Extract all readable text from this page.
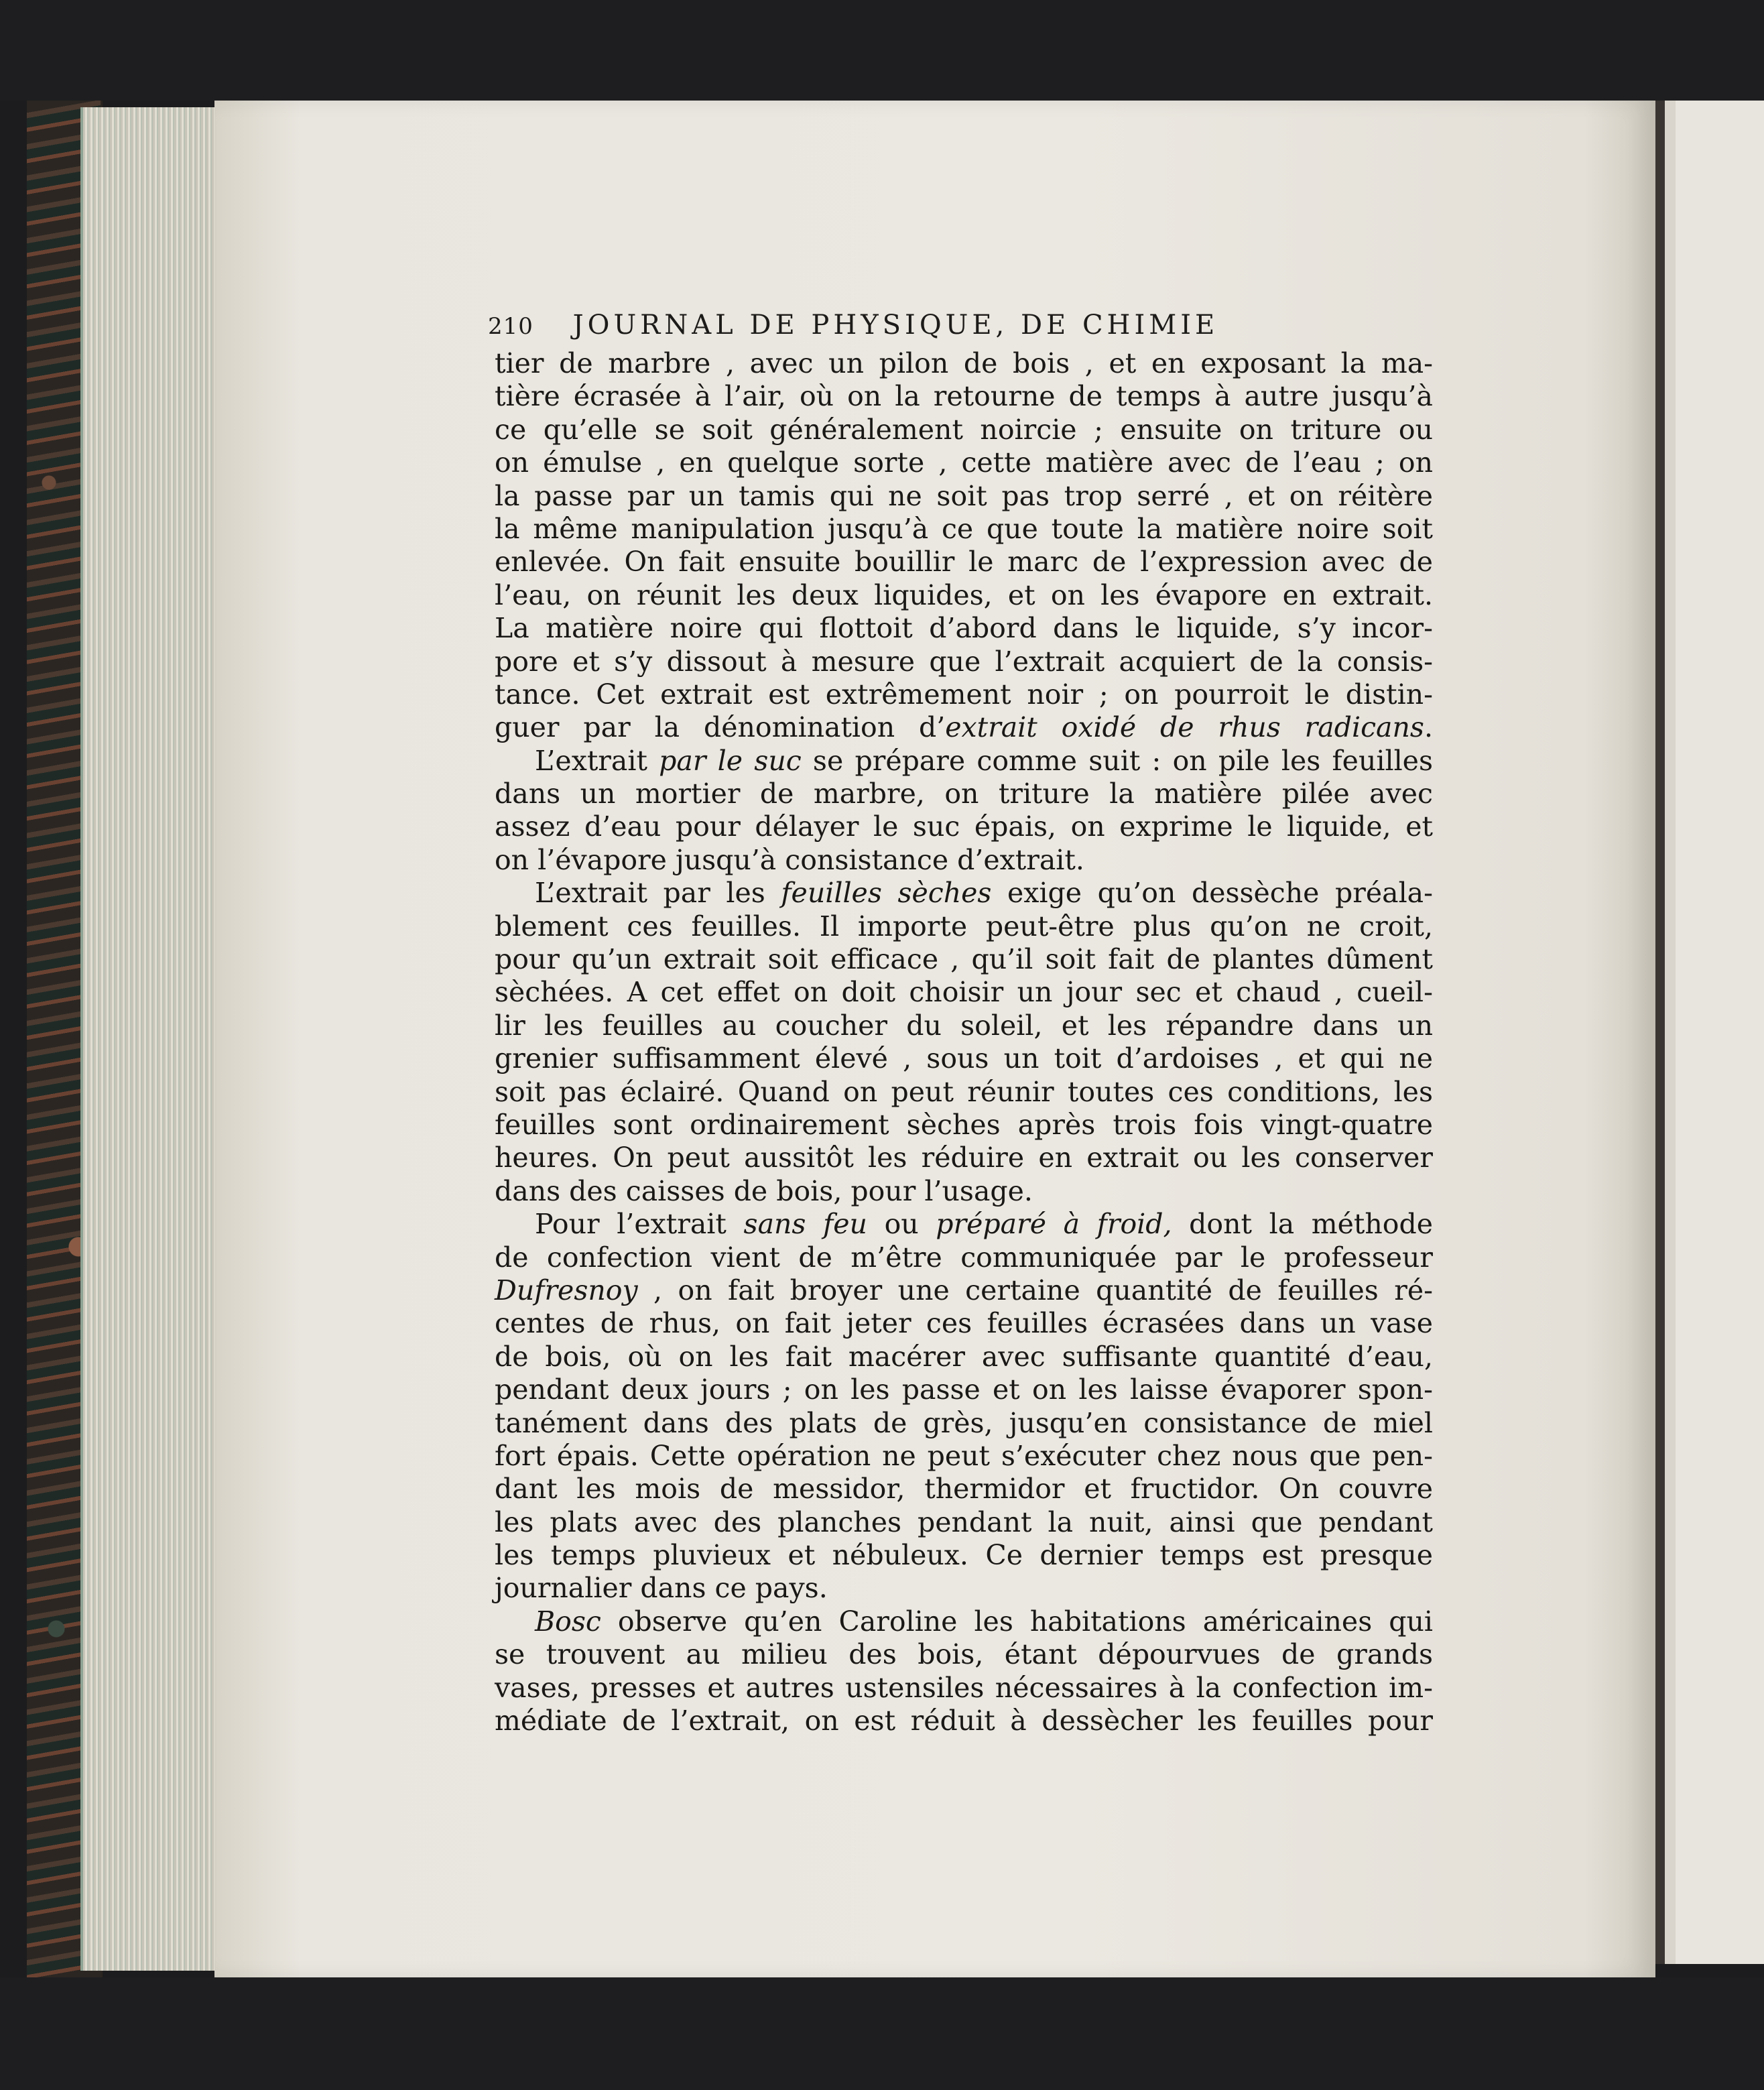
210 JOURNAL DE PHYSIQUE, DE CHIMIE
tier de marbre , avec un pilon de bois , et en exposant la ma-
tière écrasée à l’air, où on la retourne de temps à autre jusqu’à
ce qu’elle se soit généralement noircie ; ensuite on triture ou
on émulse , en quelque sorte , cette matière avec de l’eau ; on
la passe par un tamis qui ne soit pas trop serré , et on réitère
la même manipulation jusqu’à ce que toute la matière noire soit
enlevée. On fait ensuite bouillir le marc de l’expression avec de
l’eau, on réunit les deux liquides, et on les évapore en extrait.
La matière noire qui flottoit d’abord dans le liquide, s’y incor-
pore et s’y dissout à mesure que l’extrait acquiert de la consis-
tance. Cet extrait est extrêmement noir ; on pourroit le distin-
guer par la dénomination d’extrait oxidé de rhus radicans.
L’extrait par le suc se prépare comme suit : on pile les feuilles
dans un mortier de marbre, on triture la matière pilée avec
assez d’eau pour délayer le suc épais, on exprime le liquide, et
on l’évapore jusqu’à consistance d’extrait.
L’extrait par les feuilles sèches exige qu’on dessèche préala-
blement ces feuilles. Il importe peut-être plus qu’on ne croit,
pour qu’un extrait soit efficace , qu’il soit fait de plantes dûment
sèchées. A cet effet on doit choisir un jour sec et chaud , cueil-
lir les feuilles au coucher du soleil, et les répandre dans un
grenier suffisamment élevé , sous un toit d’ardoises , et qui ne
soit pas éclairé. Quand on peut réunir toutes ces conditions, les
feuilles sont ordinairement sèches après trois fois vingt-quatre
heures. On peut aussitôt les réduire en extrait ou les conserver
dans des caisses de bois, pour l’usage.
Pour l’extrait sans feu ou préparé à froid, dont la méthode
de confection vient de m’être communiquée par le professeur
Dufresnoy , on fait broyer une certaine quantité de feuilles ré-
centes de rhus, on fait jeter ces feuilles écrasées dans un vase
de bois, où on les fait macérer avec suffisante quantité d’eau,
pendant deux jours ; on les passe et on les laisse évaporer spon-
tanément dans des plats de grès, jusqu’en consistance de miel
fort épais. Cette opération ne peut s’exécuter chez nous que pen-
dant les mois de messidor, thermidor et fructidor. On couvre
les plats avec des planches pendant la nuit, ainsi que pendant
les temps pluvieux et nébuleux. Ce dernier temps est presque
journalier dans ce pays.
Bosc observe qu’en Caroline les habitations américaines qui
se trouvent au milieu des bois, étant dépourvues de grands
vases, presses et autres ustensiles nécessaires à la confection im-
médiate de l’extrait, on est réduit à dessècher les feuilles pour
